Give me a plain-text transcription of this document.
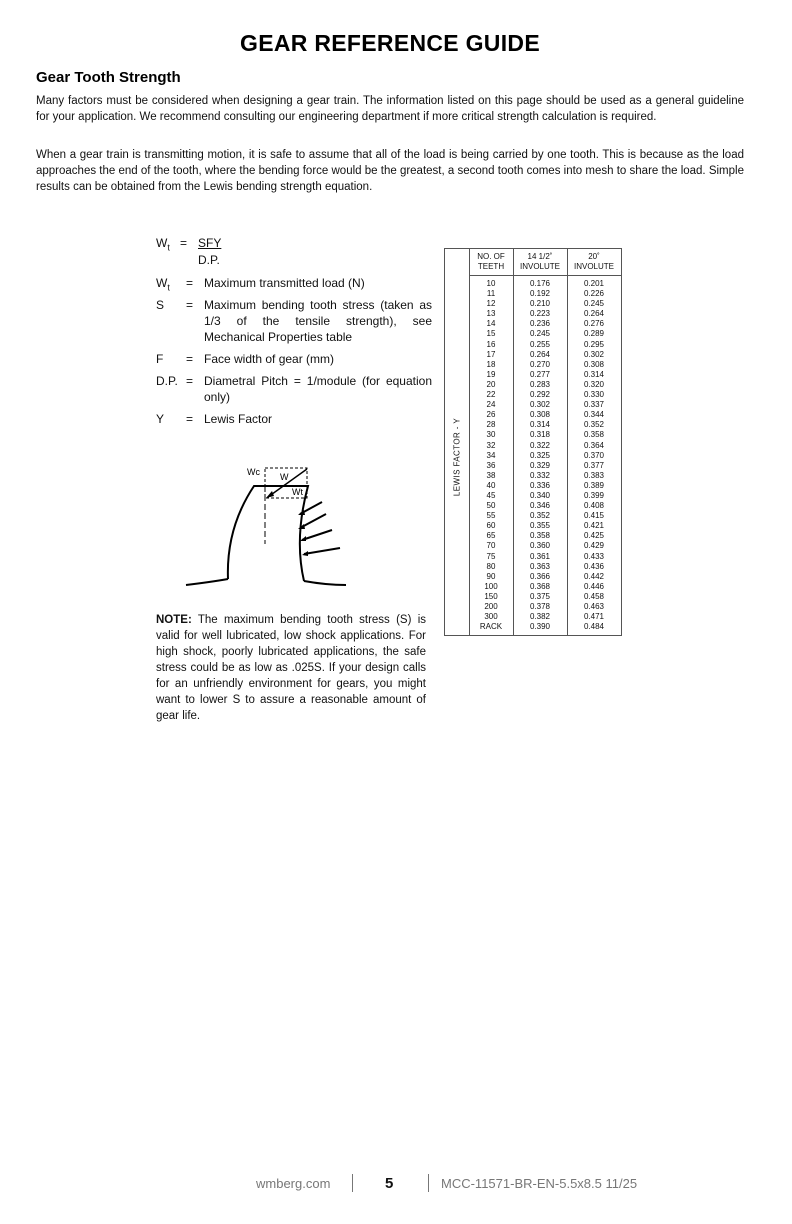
GEAR REFERENCE GUIDE
Gear Tooth Strength

Many factors must be considered when designing a gear train. The information listed on this page should be used as a general guideline for your application. We recommend consulting our engineering department if more critical strength calculation is required.

When a gear train is transmitting motion, it is safe to assume that all of the load is being carried by one tooth. This is because as the load approaches the end of the tooth, where the bending force would be the greatest, a second tooth comes into mesh to share the load. Simple results can be obtained from the Lewis bending strength equation.

$W_t$ = SFY
D.P.
$W_t$ = Maximum transmitted load (N)
S = Maximum bending tooth stress (taken as 1/3 of the tensile strength), see Mechanical Properties table
F = Face width of gear (mm)
D.P. = Diametral Pitch = 1/module (for equation only)
Y = Lewis Factor
Wc W
Wt

NOTE: The maximum bending tooth stress (S) is valid for well lubricated, low shock applications. For high shock, poorly lubricated applications, the safe stress could be as low as .025S. If your design calls for an unfriendly environment for gears, you might want to lower S to assure a reasonable amount of gear life.

LEWIS FACTOR - Y
NO. OF
TEETH
10
11
12
13
14
15
16
17
18
19
20
22
24
26
28
30
32
34
36
38
40
45
50
55
60
65
70
75
80
90
100
150
200
300
RACK
14 1/2˚
INVOLUTE
0.176
0.192
0.210
0.223
0.236
0.245
0.255
0.264
0.270
0.277
0.283
0.292
0.302
0.308
0.314
0.318
0.322
0.325
0.329
0.332
0.336
0.340
0.346
0.352
0.355
0.358
0.360
0.361
0.363
0.366
0.368
0.375
0.378
0.382
0.390
20˚
INVOLUTE
0.201
0.226
0.245
0.264
0.276
0.289
0.295
0.302
0.308
0.314
0.320
0.330
0.337
0.344
0.352
0.358
0.364
0.370
0.377
0.383
0.389
0.399
0.408
0.415
0.421
0.425
0.429
0.433
0.436
0.442
0.446
0.458
0.463
0.471
0.484
wmberg.com	5	MCC-11571-BR-EN-5.5x8.5 11/25
